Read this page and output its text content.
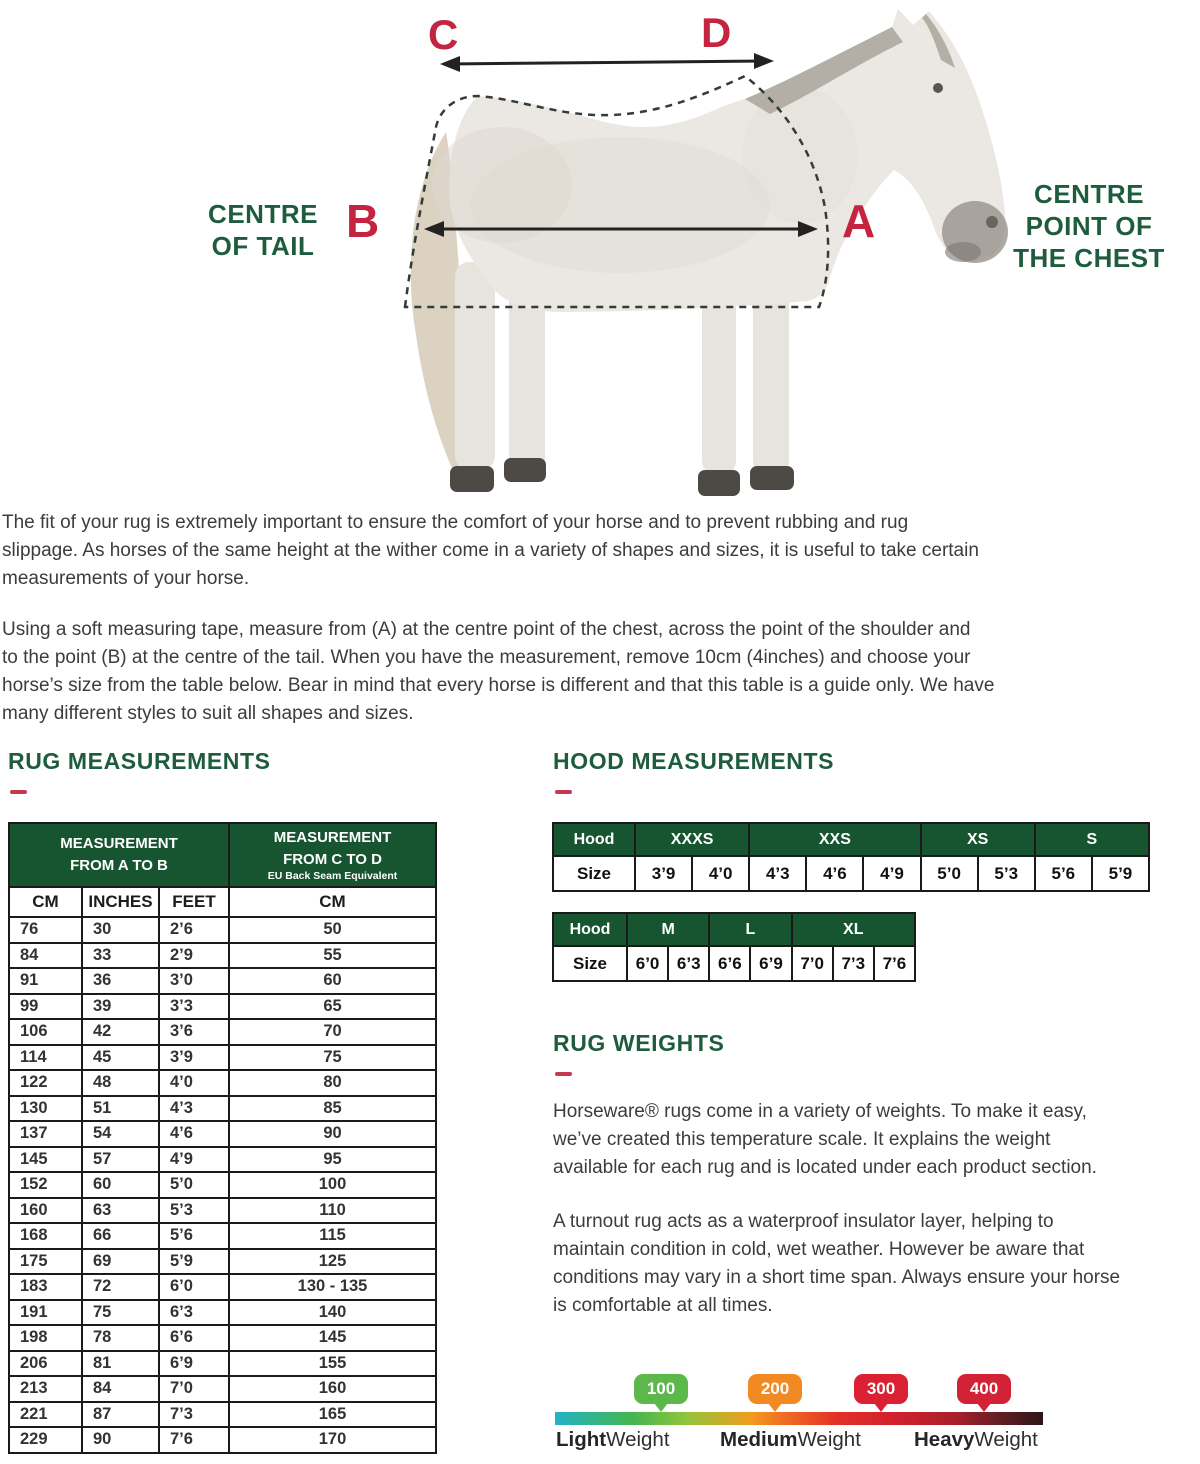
C	D
B	A
CENTRE
OF TAIL
CENTRE
POINT OF
THE CHEST

The fit of your rug is extremely important to ensure the comfort of your horse and to prevent rubbing and rug
slippage. As horses of the same height at the wither come in a variety of shapes and sizes, it is useful to take certain
measurements of your horse.

Using a soft measuring tape, measure from (A) at the centre point of the chest, across the point of the shoulder and
to the point (B) at the centre of the tail. When you have the measurement, remove 10cm (4inches) and choose your
horse’s size from the table below. Bear in mind that every horse is different and that this table is a guide only. We have
many different styles to suit all shapes and sizes.

RUG MEASUREMENTS
MEASUREMENT
FROM A TO B			MEASUREMENT
FROM C TO D
EU Back Seam Equivalent

CM	INCHES	FEET	CM
76	30	2’6	50
84	33	2’9	55
91	36	3’0	60
99	39	3’3	65
106	42	3’6	70
114	45	3’9	75
122	48	4’0	80
130	51	4’3	85
137	54	4’6	90
145	57	4’9	95
152	60	5’0	100
160	63	5’3	110
168	66	5’6	115
175	69	5’9	125
183	72	6’0	130 - 135
191	75	6’3	140
198	78	6’6	145
206	81	6’9	155
213	84	7’0	160
221	87	7’3	165
229	90	7’6	170
HOOD MEASUREMENTS
Hood	XXXS		XXS			XS		S	
Size	3’9	4’0	4’3	4’6	4’9	5’0	5’3	5’6	5’9
Hood	M		L		XL		
Size	6’0	6’3	6’6	6’9	7’0	7’3	7’6
RUG WEIGHTS

Horseware® rugs come in a variety of weights. To make it easy,
we’ve created this temperature scale. It explains the weight
available for each rug and is located under each product section.

A turnout rug acts as a waterproof insulator layer, helping to
maintain condition in cold, wet weather. However be aware that
conditions may vary in a short time span. Always ensure your horse
is comfortable at all times.

100	200	300	400
LightWeight MediumWeight	HeavyWeight
